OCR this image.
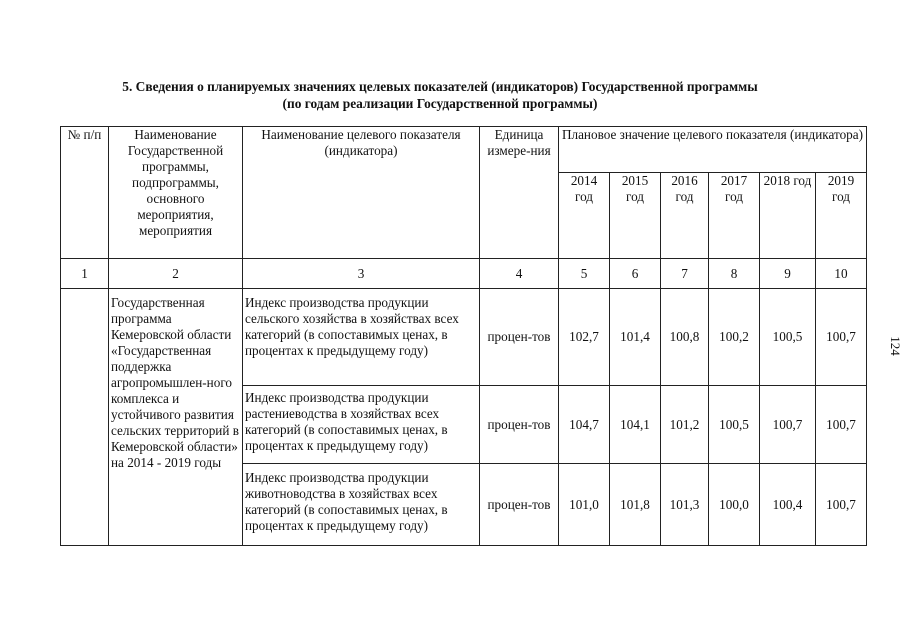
5. Сведения о планируемых значениях целевых показателей (индикаторов) Государственной программы
(по годам реализации Государственной программы)
№ п/п	Наименование Государственной программы, подпрограммы, основного мероприятия, мероприятия	Наименование целевого показателя (индикатора)	Единица измере-ния	Плановое значение целевого показателя (индикатора)					
				2014 год	2015 год	2016 год	2017 год	2018 год	2019 год
1	2	3	4	5	6	7	8	9	10
	Государственная программа Кемеровской области «Государственная поддержка агропромышлен-ного комплекса и устойчивого развития сельских территорий в Кемеровской области» на 2014 - 2019 годы	Индекс производства продукции сельского хозяйства в хозяйствах всех категорий (в сопоставимых ценах, в процентах к предыдущему году)	процен-тов	102,7	101,4	100,8	100,2	100,5	100,7
		Индекс производства продукции растениеводства в хозяйствах всех категорий (в сопоставимых ценах, в процентах к предыдущему году)	процен-тов	104,7	104,1	101,2	100,5	100,7	100,7
		Индекс производства продукции животноводства в хозяйствах всех категорий (в сопоставимых ценах, в процентах к предыдущему году)	процен-тов	101,0	101,8	101,3	100,0	100,4	100,7
124
